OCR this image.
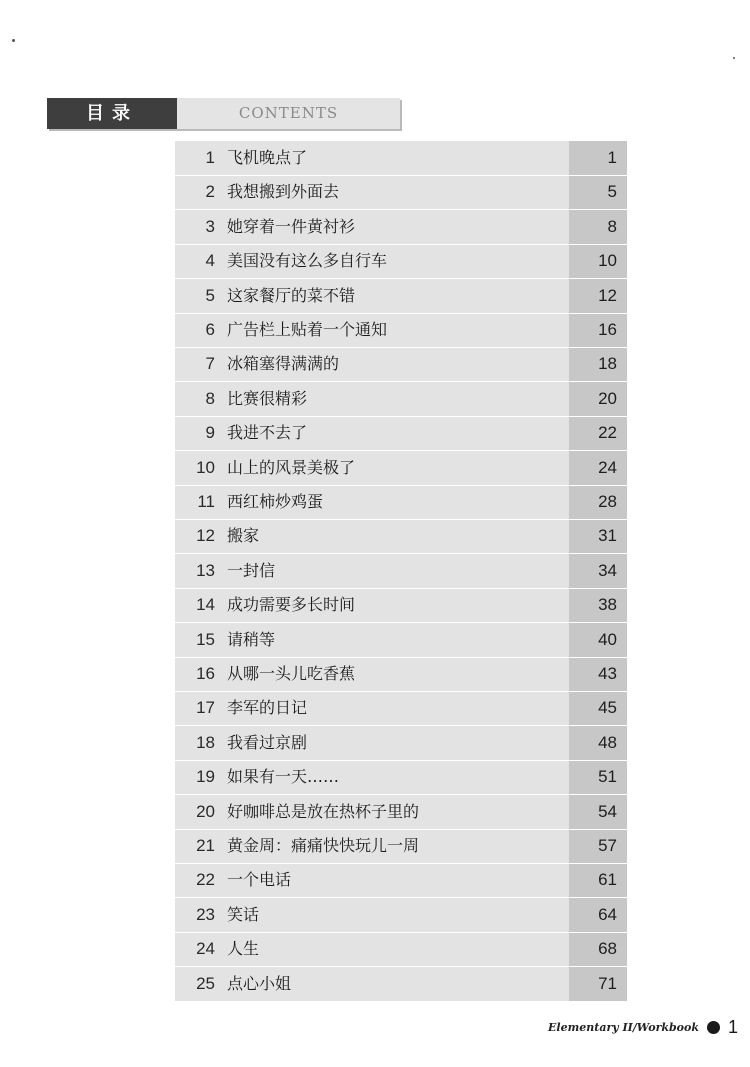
目录	CONTENTS
1 飞机晚点了	1
2 我想搬到外面去	5
3 她穿着一件黄衬衫	8
4 美国没有这么多自行车	10
5 这家餐厅的菜不错	12
6 广告栏上贴着一个通知	16
7 冰箱塞得满满的	18
8 比赛很精彩	20
9 我进不去了	22
10 山上的风景美极了	24
11 西红柿炒鸡蛋	28
12 搬家	31
13 一封信	34
14 成功需要多长时间	38
15 请稍等	40
16 从哪一头儿吃香蕉	43
17 李军的日记	45
18 我看过京剧	48
19 如果有一天……	51
20 好咖啡总是放在热杯子里的	54
21 黄金周：痛痛快快玩儿一周	57
22 一个电话	61
23 笑话	64
24 人生	68
25 点心小姐	71
Elementary II/Workbook 1
